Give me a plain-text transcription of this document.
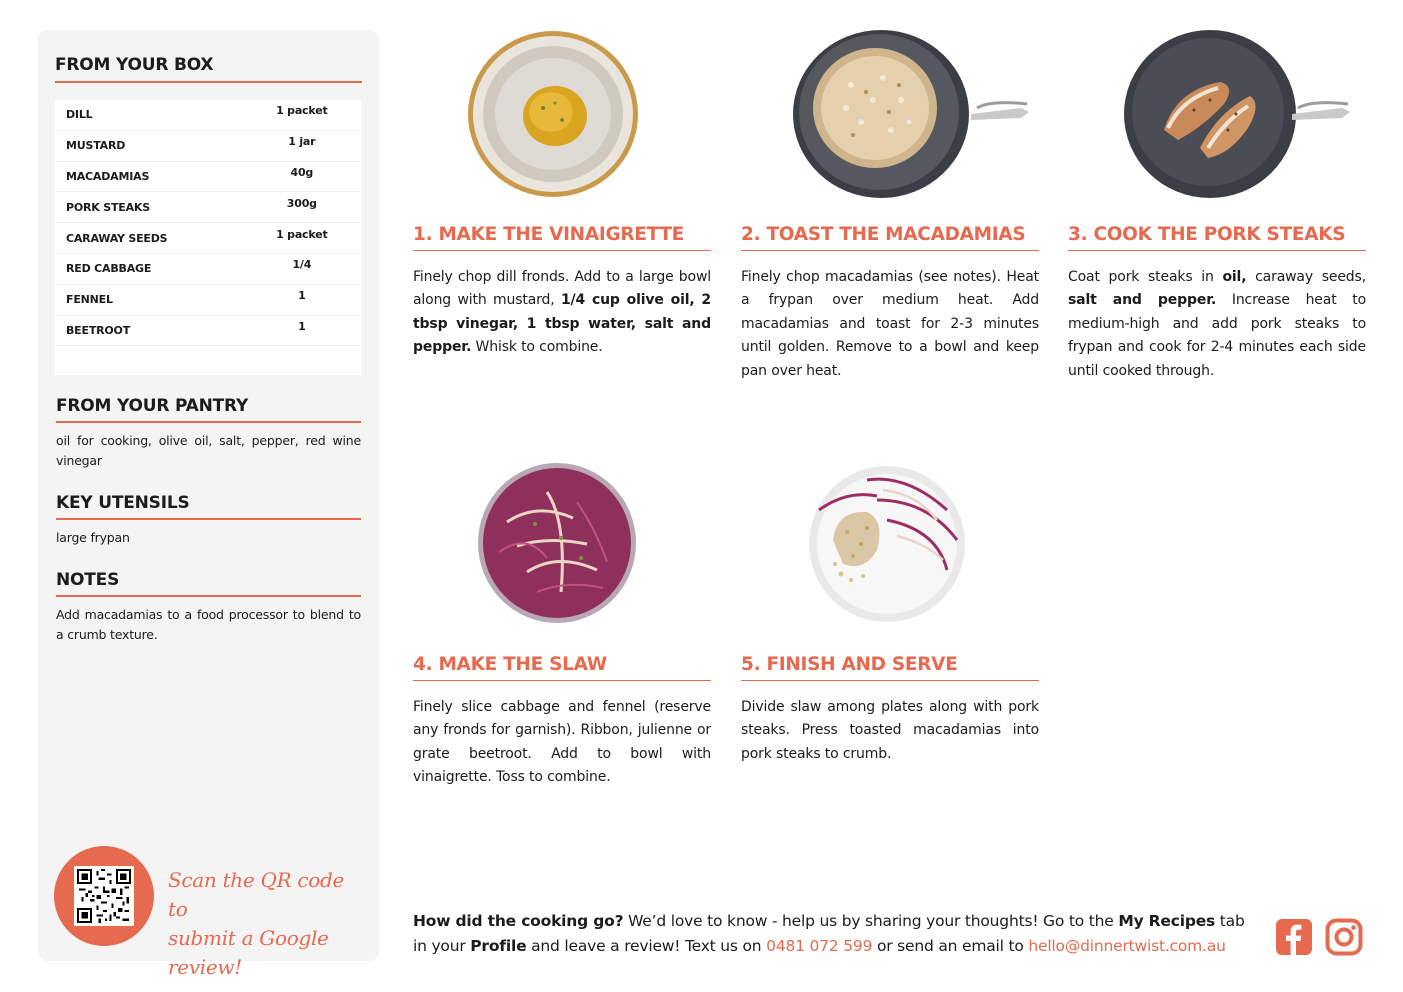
FROM YOUR BOX
DILL	1 packet
MUSTARD	1 jar
MACADAMIAS	40g
PORK STEAKS	300g
CARAWAY SEEDS	1 packet
RED CABBAGE	1/4
FENNEL	1
BEETROOT	1
FROM YOUR PANTRY
oil for cooking, olive oil, salt, pepper, red wine vinegar
KEY UTENSILS
large frypan
NOTES
Add macadamias to a food processor to blend to a crumb texture.
Scan the QR code to
submit a Google review!
1. MAKE THE VINAIGRETTE
Finely chop dill fronds. Add to a large bowl along with mustard, 1/4 cup olive oil, 2 tbsp vinegar, 1 tbsp water, salt and pepper. Whisk to combine.
2. TOAST THE MACADAMIAS
Finely chop macadamias (see notes). Heat a frypan over medium heat. Add macadamias and toast for 2-3 minutes until golden. Remove to a bowl and keep pan over heat.
3. COOK THE PORK STEAKS
Coat pork steaks in oil, caraway seeds, salt and pepper. Increase heat to medium-high and add pork steaks to frypan and cook for 2-4 minutes each side until cooked through.
4. MAKE THE SLAW
Finely slice cabbage and fennel (reserve any fronds for garnish). Ribbon, julienne or grate beetroot. Add to bowl with vinaigrette. Toss to combine.
5. FINISH AND SERVE
Divide slaw among plates along with pork steaks. Press toasted macadamias into pork steaks to crumb.
How did the cooking go? We’d love to know - help us by sharing your thoughts! Go to the My Recipes tab in your Profile and leave a review! Text us on 0481 072 599 or send an email to hello@dinnertwist.com.au
